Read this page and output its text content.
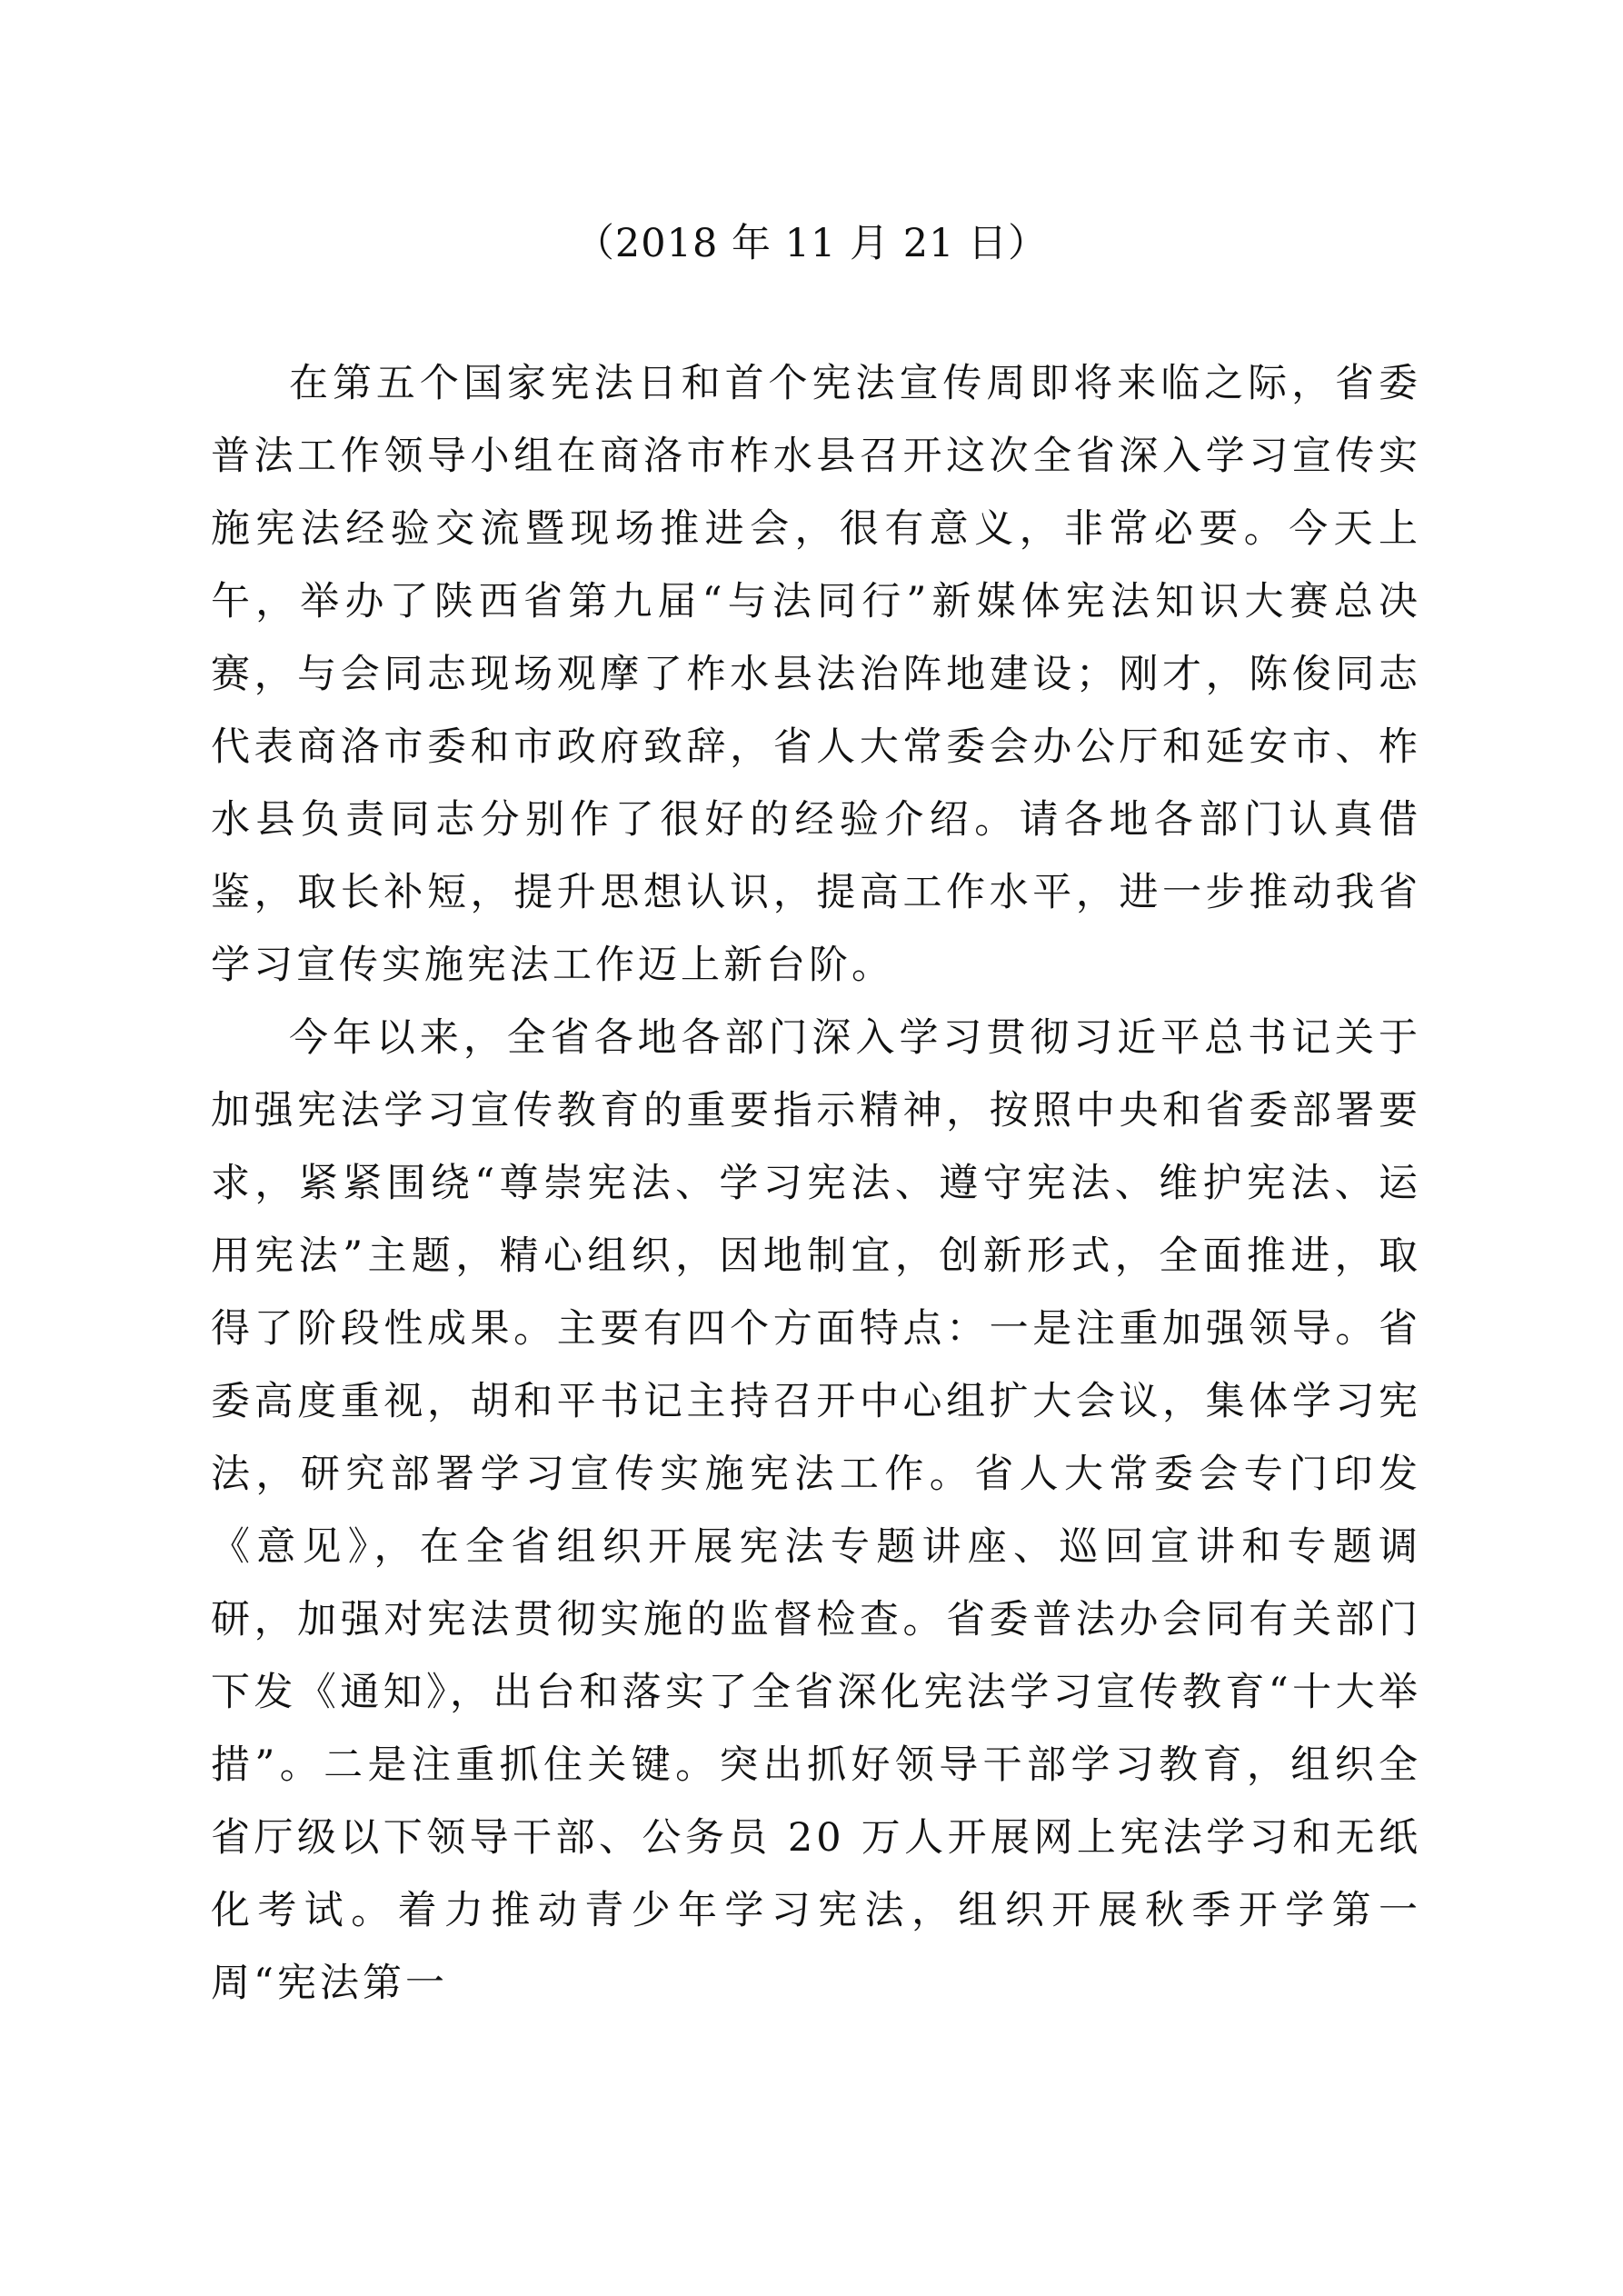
（2018 年 11 月 21 日）

在第五个国家宪法日和首个宪法宣传周即将来临之际，省委普法工作领导小组在商洛市柞水县召开这次全省深入学习宣传实施宪法经验交流暨现场推进会，很有意义，非常必要。今天上午，举办了陕西省第九届“与法同行”新媒体宪法知识大赛总决赛，与会同志现场观摩了柞水县法治阵地建设；刚才，陈俊同志代表商洛市委和市政府致辞，省人大常委会办公厅和延安市、柞水县负责同志分别作了很好的经验介绍。请各地各部门认真借鉴，取长补短，提升思想认识，提高工作水平，进一步推动我省学习宣传实施宪法工作迈上新台阶。

今年以来，全省各地各部门深入学习贯彻习近平总书记关于加强宪法学习宣传教育的重要指示精神，按照中央和省委部署要求，紧紧围绕“尊崇宪法、学习宪法、遵守宪法、维护宪法、运用宪法”主题，精心组织，因地制宜，创新形式，全面推进，取得了阶段性成果。主要有四个方面特点：一是注重加强领导。省委高度重视，胡和平书记主持召开中心组扩大会议，集体学习宪法，研究部署学习宣传实施宪法工作。省人大常委会专门印发《意见》，在全省组织开展宪法专题讲座、巡回宣讲和专题调研，加强对宪法贯彻实施的监督检查。省委普法办会同有关部门下发《通知》，出台和落实了全省深化宪法学习宣传教育“十大举措”。二是注重抓住关键。突出抓好领导干部学习教育，组织全省厅级以下领导干部、公务员 20 万人开展网上宪法学习和无纸化考试。着力推动青少年学习宪法，组织开展秋季开学第一周“宪法第一
